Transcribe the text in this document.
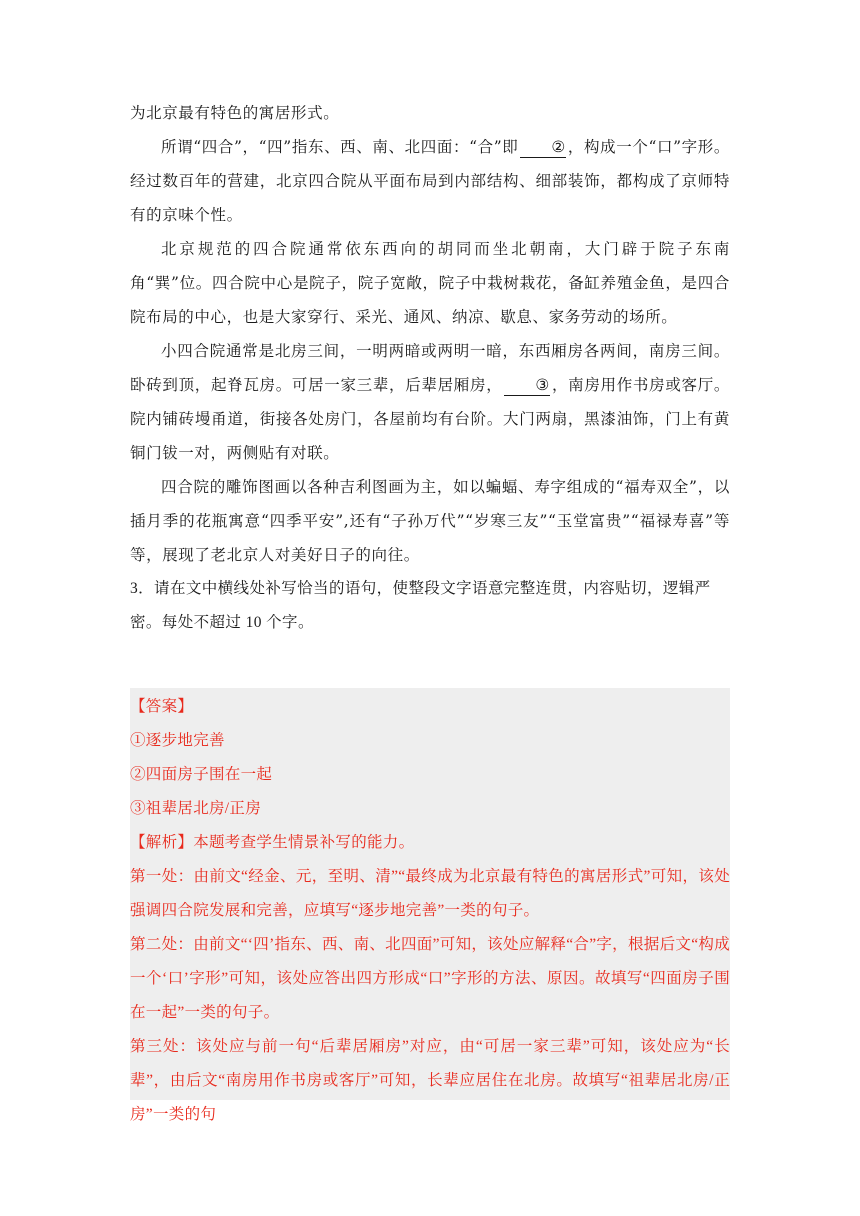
为北京最有特色的寓居形式。

所谓“四合”，“四”指东、西、南、北四面：“合”即 ② ，构成一个“口”字形。经过数百年的营建，北京四合院从平面布局到内部结构、细部装饰，都构成了京师特有的京味个性。

北京规范的四合院通常依东西向的胡同而坐北朝南，大门辟于院子东南角“巽”位。四合院中心是院子，院子宽敞，院子中栽树栽花，备缸养殖金鱼，是四合院布局的中心，也是大家穿行、采光、通风、纳凉、歇息、家务劳动的场所。

小四合院通常是北房三间，一明两暗或两明一暗，东西厢房各两间，南房三间。卧砖到顶，起脊瓦房。可居一家三辈，后辈居厢房， ③ ，南房用作书房或客厅。院内铺砖墁甬道，街接各处房门，各屋前均有台阶。大门两扇，黑漆油饰，门上有黄铜门钹一对，两侧贴有对联。

四合院的雕饰图画以各种吉利图画为主，如以蝙蝠、寿字组成的“福寿双全”，以插月季的花瓶寓意“四季平安”,还有“子孙万代”“岁寒三友”“玉堂富贵”“福禄寿喜”等等，展现了老北京人对美好日子的向往。

3．请在文中横线处补写恰当的语句，使整段文字语意完整连贯，内容贴切，逻辑严密。每处不超过 10 个字。

【答案】

①逐步地完善

②四面房子围在一起

③祖辈居北房/正房

【解析】本题考查学生情景补写的能力。

第一处：由前文“经金、元，至明、清”“最终成为北京最有特色的寓居形式”可知，该处强调四合院发展和完善，应填写“逐步地完善”一类的句子。

第二处：由前文“‘四’指东、西、南、北四面”可知，该处应解释“合”字，根据后文“构成一个‘口’字形”可知，该处应答出四方形成“口”字形的方法、原因。故填写“四面房子围在一起”一类的句子。

第三处：该处应与前一句“后辈居厢房”对应，由“可居一家三辈”可知，该处应为“长辈”，由后文“南房用作书房或客厅”可知，长辈应居住在北房。故填写“祖辈居北房/正房”一类的句
